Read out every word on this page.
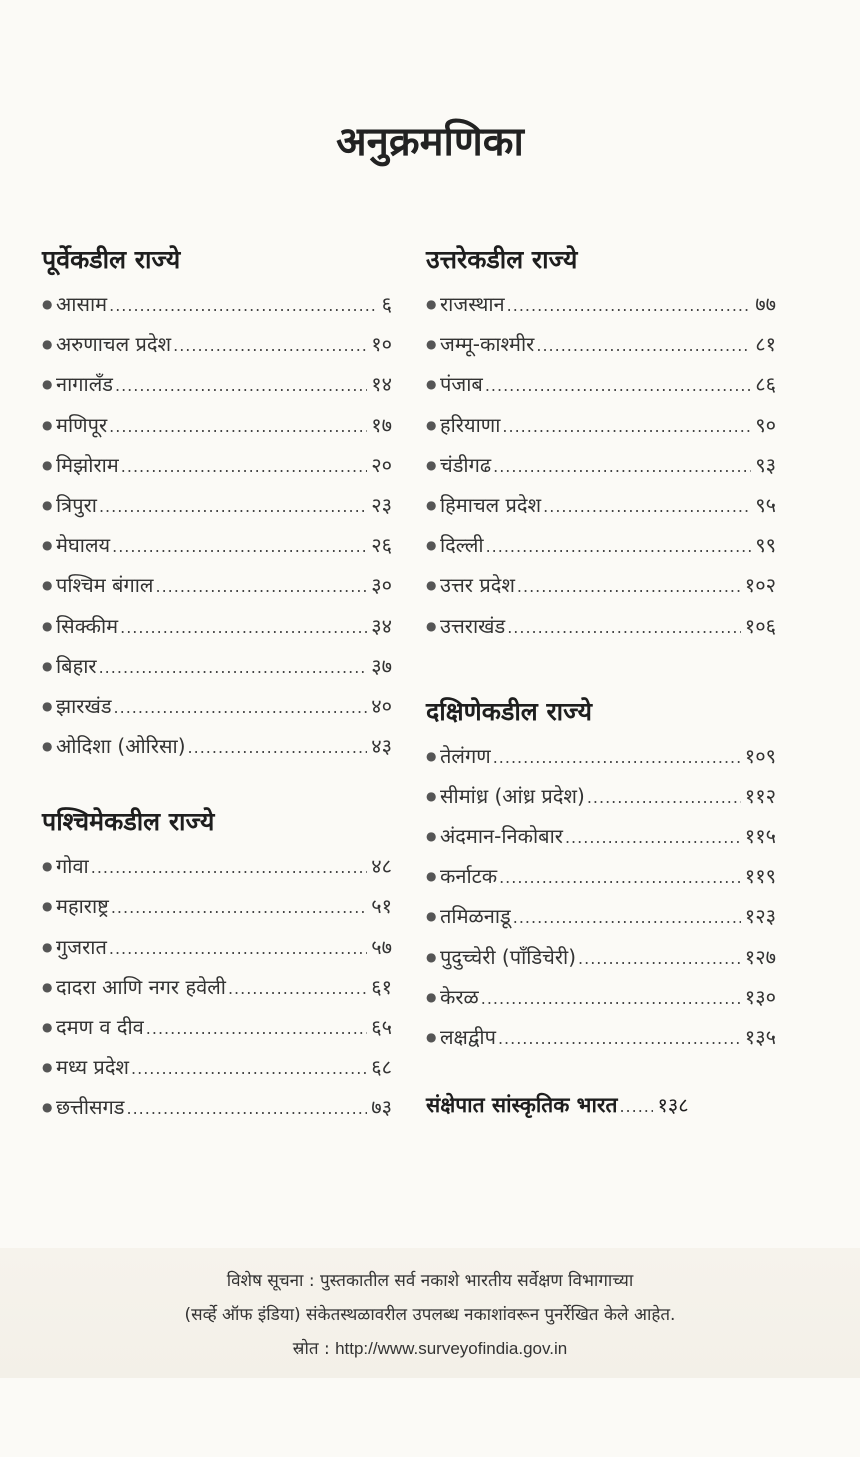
अनुक्रमणिका
पूर्वेकडील राज्ये
● आसाम .....	६
● अरुणाचल प्रदेश .....	१०
● नागालँड .....	१४
● मणिपूर .....	१७
● मिझोराम .....	२०
● त्रिपुरा .....	२३
● मेघालय .....	२६
● पश्चिम बंगाल .....	३०
● सिक्कीम .....	३४
● बिहार .....	३७
● झारखंड .....	४०
● ओदिशा (ओरिसा) .....	४३
पश्चिमेकडील राज्ये
● गोवा .....	४८
● महाराष्ट्र .....	५१
● गुजरात .....	५७
● दादरा आणि नगर हवेली .....	६१
● दमण व दीव .....	६५
● मध्य प्रदेश .....	६८
● छत्तीसगड .....	७३
उत्तरेकडील राज्ये
● राजस्थान .....	७७
● जम्मू-काश्मीर .....	८१
● पंजाब .....	८६
● हरियाणा .....	९०
● चंडीगढ .....	९३
● हिमाचल प्रदेश .....	९५
● दिल्ली .....	९९
● उत्तर प्रदेश .....	१०२
● उत्तराखंड .....	१०६
दक्षिणेकडील राज्ये
● तेलंगण .....	१०९
● सीमांध्र (आंध्र प्रदेश) .....	११२
● अंदमान-निकोबार .....	११५
● कर्नाटक .....	११९
● तमिळनाडू .....	१२३
● पुदुच्चेरी (पाँडिचेरी) .....	१२७
● केरळ .....	१३०
● लक्षद्वीप .....	१३५
संक्षेपात सांस्कृतिक भारत ..... १३८
विशेष सूचना : पुस्तकातील सर्व नकाशे भारतीय सर्वेक्षण विभागाच्या
(सर्व्हे ऑफ इंडिया) संकेतस्थळावरील उपलब्ध नकाशांवरून पुनर्रेखित केले आहेत.
स्रोत : http://www.surveyofindia.gov.in
